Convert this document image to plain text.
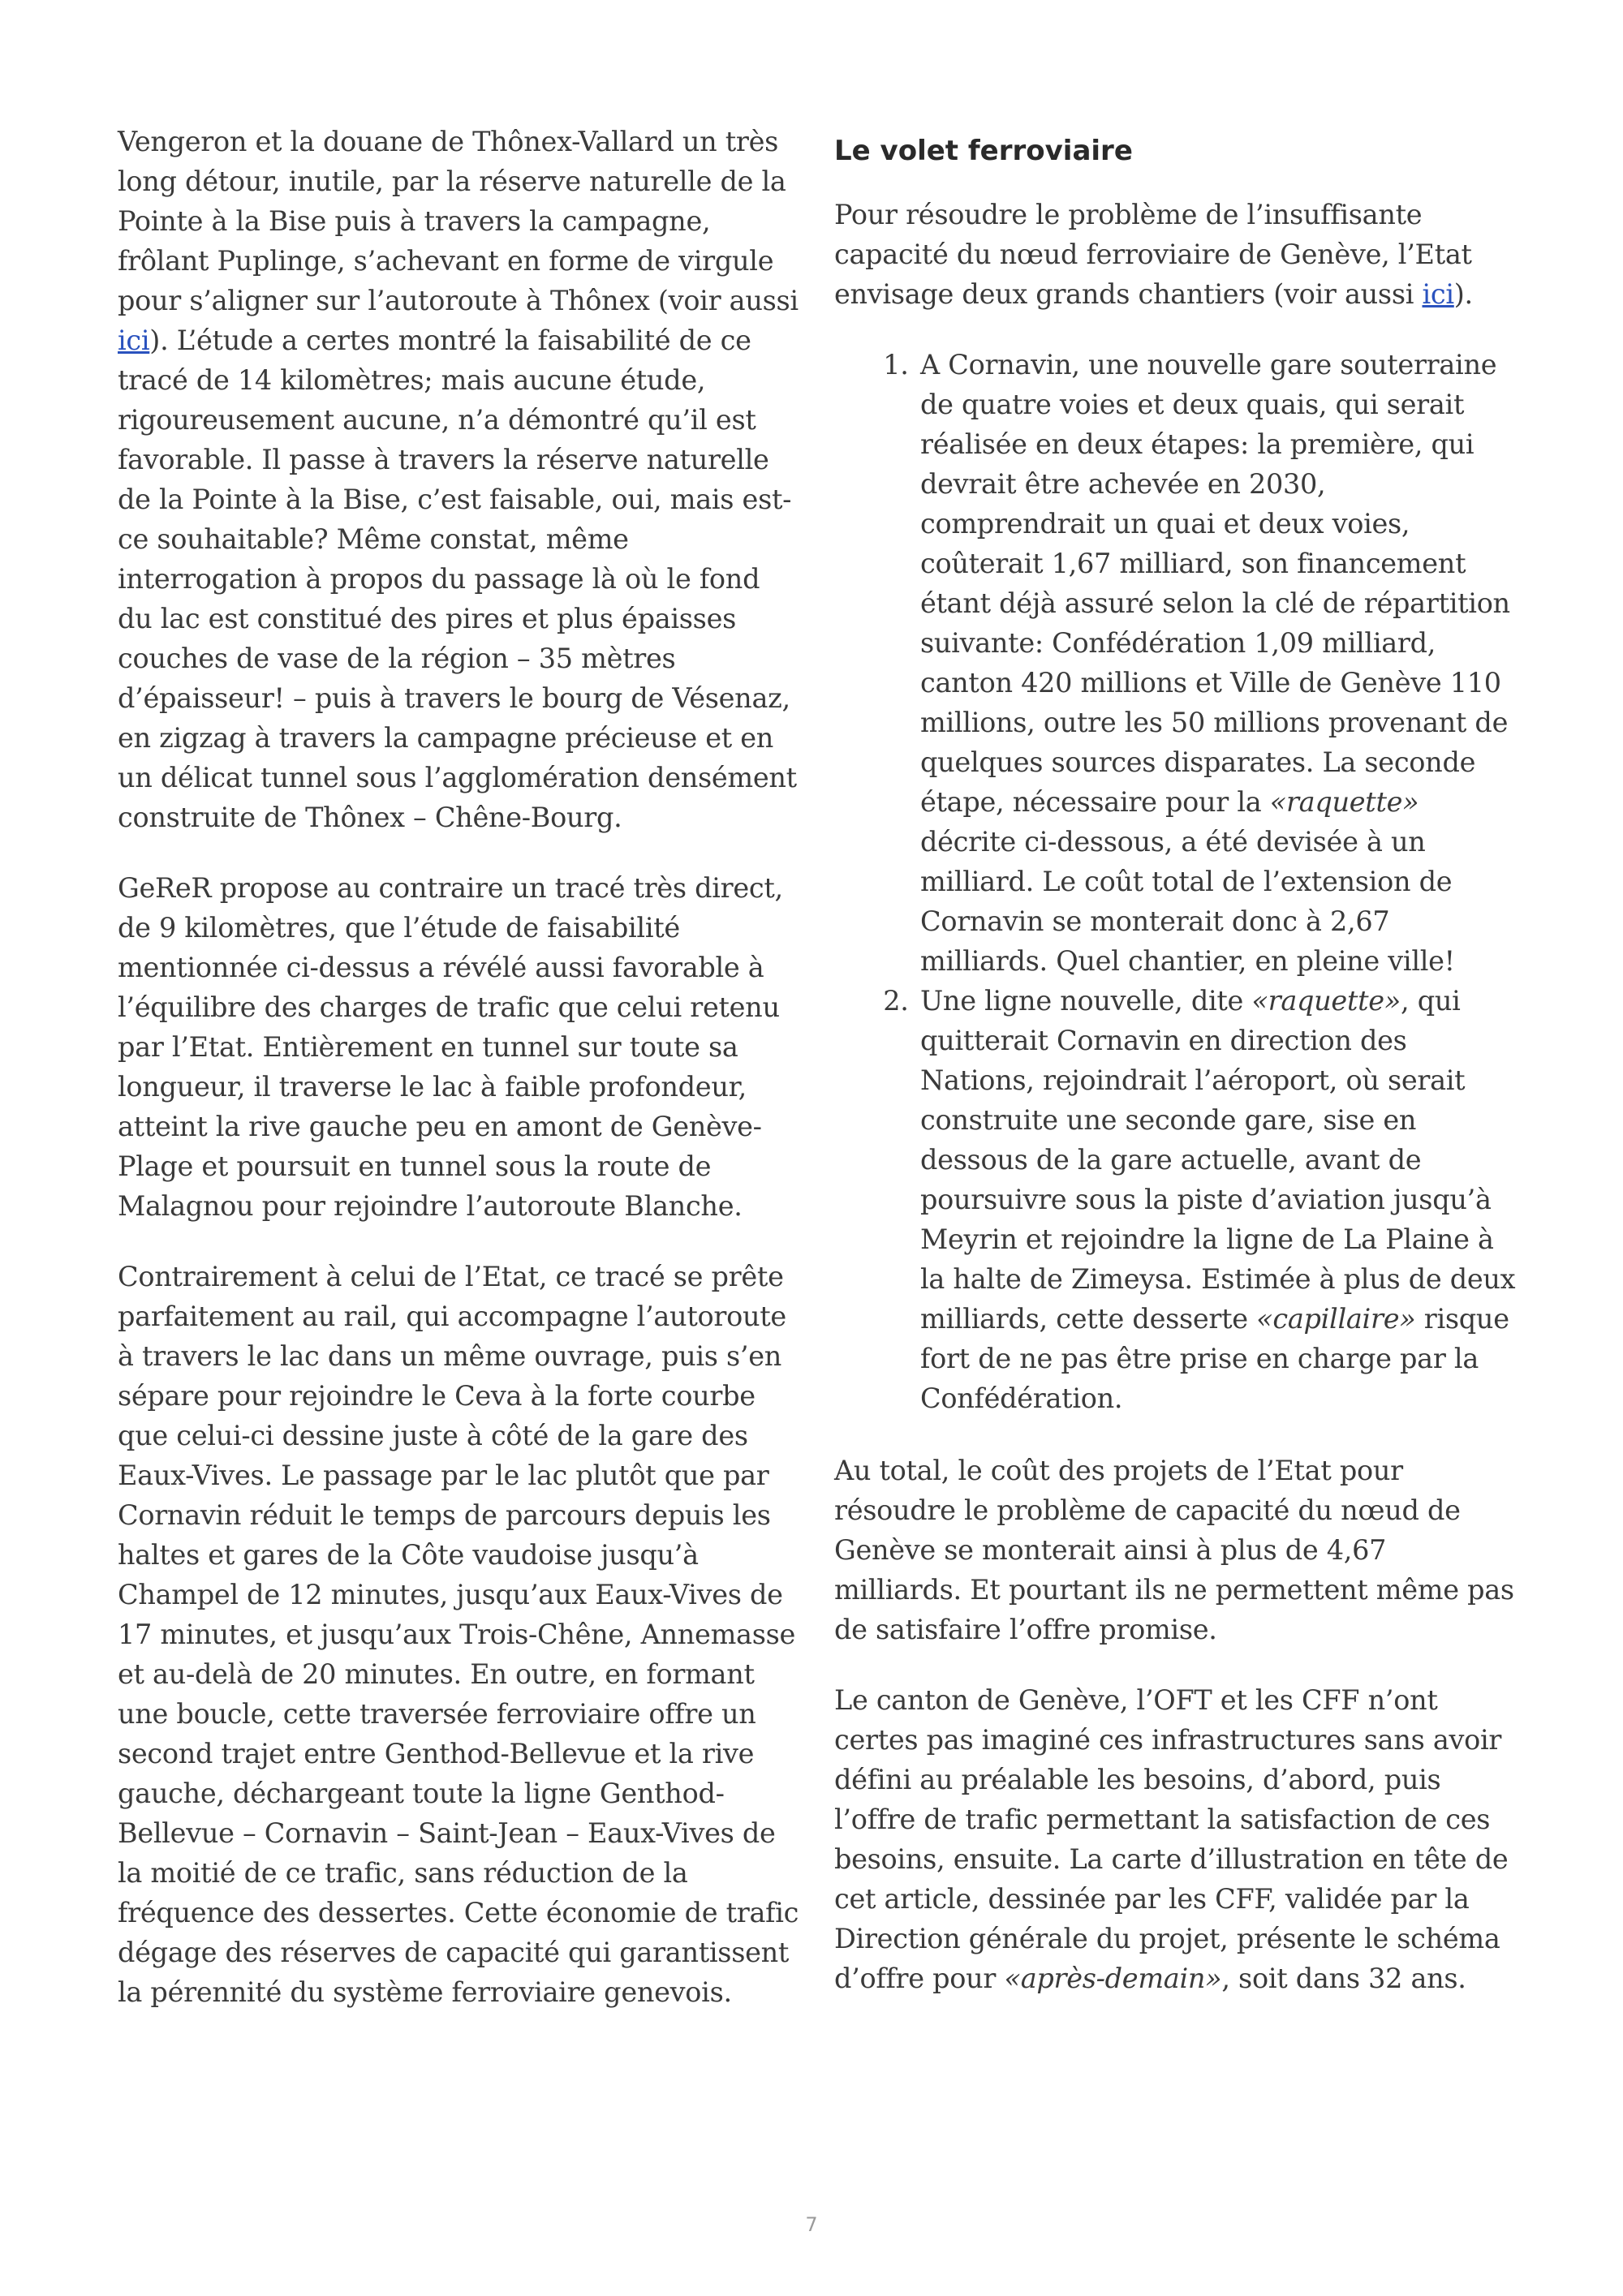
Vengeron et la douane de Thônex-Vallard un très long détour, inutile, par la réserve naturelle de la Pointe à la Bise puis à travers la campagne, frôlant Puplinge, s’achevant en forme de virgule pour s’aligner sur l’autoroute à Thônex (voir aussi ici). L’étude a certes montré la faisabilité de ce tracé de 14 kilomètres; mais aucune étude, rigoureusement aucune, n’a démontré qu’il est favorable. Il passe à travers la réserve naturelle de la Pointe à la Bise, c’est faisable, oui, mais est-ce souhaitable? Même constat, même interrogation à propos du passage là où le fond du lac est constitué des pires et plus épaisses couches de vase de la région – 35 mètres d’épaisseur! – puis à travers le bourg de Vésenaz, en zigzag à travers la campagne précieuse et en un délicat tunnel sous l’agglomération densément construite de Thônex – Chêne-Bourg.

GeReR propose au contraire un tracé très direct, de 9 kilomètres, que l’étude de faisabilité mentionnée ci-dessus a révélé aussi favorable à l’équilibre des charges de trafic que celui retenu par l’Etat. Entièrement en tunnel sur toute sa longueur, il traverse le lac à faible profondeur, atteint la rive gauche peu en amont de Genève-Plage et poursuit en tunnel sous la route de Malagnou pour rejoindre l’autoroute Blanche.

Contrairement à celui de l’Etat, ce tracé se prête parfaitement au rail, qui accompagne l’autoroute à travers le lac dans un même ouvrage, puis s’en sépare pour rejoindre le Ceva à la forte courbe que celui-ci dessine juste à côté de la gare des Eaux-Vives. Le passage par le lac plutôt que par Cornavin réduit le temps de parcours depuis les haltes et gares de la Côte vaudoise jusqu’à Champel de 12 minutes, jusqu’aux Eaux-Vives de 17 minutes, et jusqu’aux Trois-Chêne, Annemasse et au-delà de 20 minutes. En outre, en formant une boucle, cette traversée ferroviaire offre un second trajet entre Genthod-Bellevue et la rive gauche, déchargeant toute la ligne Genthod-Bellevue – Cornavin – Saint-Jean – Eaux-Vives de la moitié de ce trafic, sans réduction de la fréquence des dessertes. Cette économie de trafic dégage des réserves de capacité qui garantissent la pérennité du système ferroviaire genevois.

Le volet ferroviaire

Pour résoudre le problème de l’insuffisante capacité du nœud ferroviaire de Genève, l’Etat envisage deux grands chantiers (voir aussi ici).

1. A Cornavin, une nouvelle gare souterraine de quatre voies et deux quais, qui serait réalisée en deux étapes: la première, qui devrait être achevée en 2030, comprendrait un quai et deux voies, coûterait 1,67 milliard, son financement étant déjà assuré selon la clé de répartition suivante: Confédération 1,09 milliard, canton 420 millions et Ville de Genève 110 millions, outre les 50 millions provenant de quelques sources disparates. La seconde étape, nécessaire pour la «raquette» décrite ci-dessous, a été devisée à un milliard. Le coût total de l’extension de Cornavin se monterait donc à 2,67 milliards. Quel chantier, en pleine ville!
2. Une ligne nouvelle, dite «raquette», qui quitterait Cornavin en direction des Nations, rejoindrait l’aéroport, où serait construite une seconde gare, sise en dessous de la gare actuelle, avant de poursuivre sous la piste d’aviation jusqu’à Meyrin et rejoindre la ligne de La Plaine à la halte de Zimeysa. Estimée à plus de deux milliards, cette desserte «capillaire» risque fort de ne pas être prise en charge par la Confédération.

Au total, le coût des projets de l’Etat pour résoudre le problème de capacité du nœud de Genève se monterait ainsi à plus de 4,67 milliards. Et pourtant ils ne permettent même pas de satisfaire l’offre promise.

Le canton de Genève, l’OFT et les CFF n’ont certes pas imaginé ces infrastructures sans avoir défini au préalable les besoins, d’abord, puis l’offre de trafic permettant la satisfaction de ces besoins, ensuite. La carte d’illustration en tête de cet article, dessinée par les CFF, validée par la Direction générale du projet, présente le schéma d’offre pour «après-demain», soit dans 32 ans.

7
